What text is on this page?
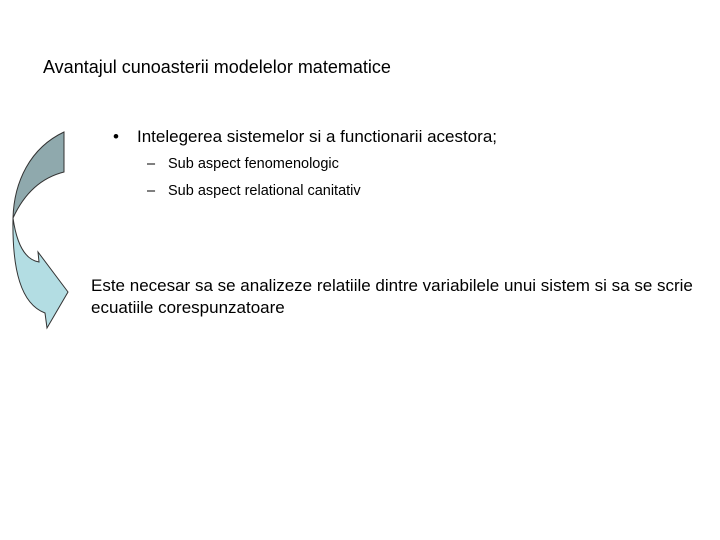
Avantajul cunoasterii modelelor matematice
• Intelegerea sistemelor si a functionarii acestora;
– Sub aspect fenomenologic
– Sub aspect relational canitativ
Este necesar sa se analizeze relatiile dintre variabilele unui sistem si sa se scrie ecuatiile corespunzatoare
